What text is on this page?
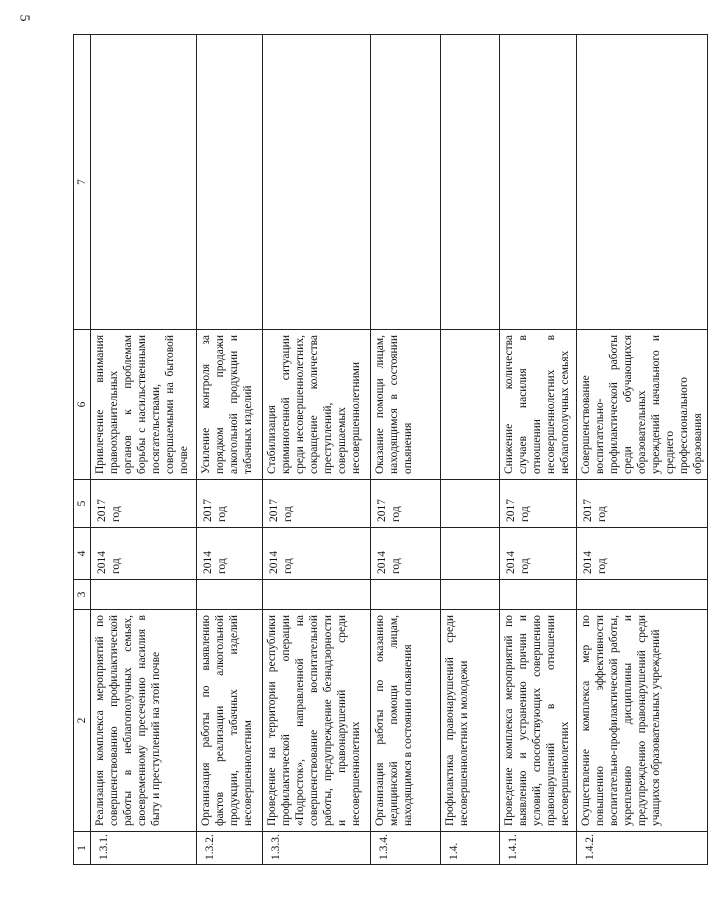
5
1	2	3	4	5	6	7
1.3.1.	Реализация комплекса мероприятий по совершенствованию профилактической работы в неблагополучных семьях, своевременному пресечению насилия в быту и преступлений на этой почве		2014 год	2017 год	Привлечение внимания правоохранительных органов к проблемам борьбы с насильственными посягательствами, совершаемыми на бытовой почве	
1.3.2.	Организация работы по выявлению фактов реализации алкогольной продукции, табачных изделий несовершеннолетним		2014 год	2017 год	Усиление контроля за порядком продажи алкогольной продукции и табачных изделий	
1.3.3.	Проведение на территории республики профилактической операции «Подросток», направленной на совершенствование воспитательной работы, предупреждение безнадзорности и правонарушений среди несовершеннолетних		2014 год	2017 год	Стабилизация криминогенной ситуации среди несовершеннолетних, сокращение количества преступлений, совершаемых несовершеннолетними	
1.3.4.	Организация работы по оказанию медицинской помощи лицам, находящимся в состоянии опьянения		2014 год	2017 год	Оказание помощи лицам, находящимся в состоянии опьянения	
1.4.	Профилактика правонарушений среди несовершеннолетних и молодежи					
1.4.1.	Проведение комплекса мероприятий по выявлению и устранению причин и условий, способствующих совершению правонарушений в отношении несовершеннолетних		2014 год	2017 год	Снижение количества случаев насилия в отношении несовершеннолетних в неблагополучных семьях	
1.4.2.	Осуществление комплекса мер по повышению эффективности воспитательно-профилактической работы, укреплению дисциплины и предупреждению правонарушений среди учащихся образовательных учреждений		2014 год	2017 год	Совершенствование воспитательно-профилактической работы среди обучающихся образовательных учреждений начального и среднего профессионального образования	
